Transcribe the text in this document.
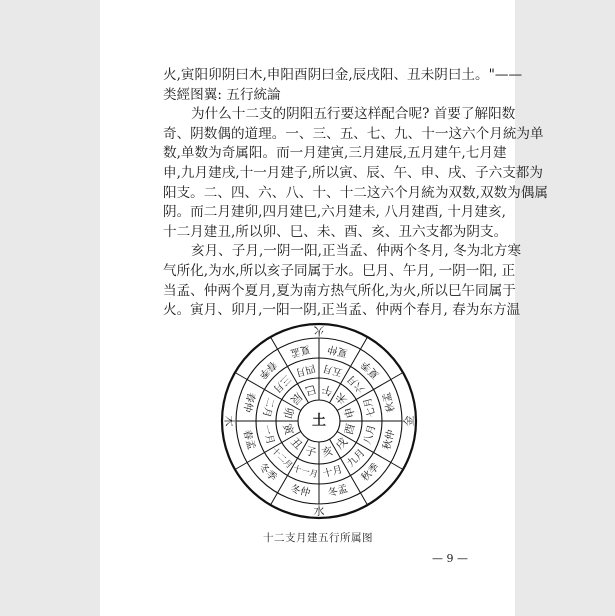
火,寅阳卯阴曰木,申阳酉阴曰金,辰戌阳、丑未阴曰土。"——
类經图翼: 五行統論
为什么十二支的阴阳五行要这样配合呢? 首要了解阳数
奇、阴数偶的道理。一、三、五、七、九、十一这六个月統为单
数,单数为奇属阳。而一月建寅,三月建辰,五月建午,七月建
申,九月建戌,十一月建子,所以寅、辰、午、申、戌、子六支都为
阳支。二、四、六、八、十、十二这六个月統为双数,双数为偶属
阴。而二月建卯,四月建巳,六月建未, 八月建酉, 十月建亥,
十二月建丑,所以卯、巳、未、酉、亥、丑六支都为阴支。
亥月、子月,一阴一阳,正当孟、仲两个冬月, 冬为北方寒
气所化,为水,所以亥子同属于水。巳月、午月, 一阴一阳, 正
当孟、仲两个夏月,夏为南方热气所化,为火,所以巳午同属于
火。寅月、卯月,一阳一阴,正当孟、仲两个春月, 春为东方温
土
巳
四月
夏孟
午
五月
夏仲
未
六月
夏季
申 七月 秋孟
酉 八月 秋仲
戌
九月
秋季
亥
十月
冬孟
子
十一月
冬仲
丑
十二月
冬季
寅
一月
春孟
卯
二月
春仲	辰
三月
春季
火
金
水
木
十二支月建五行所属图
— 9 —
